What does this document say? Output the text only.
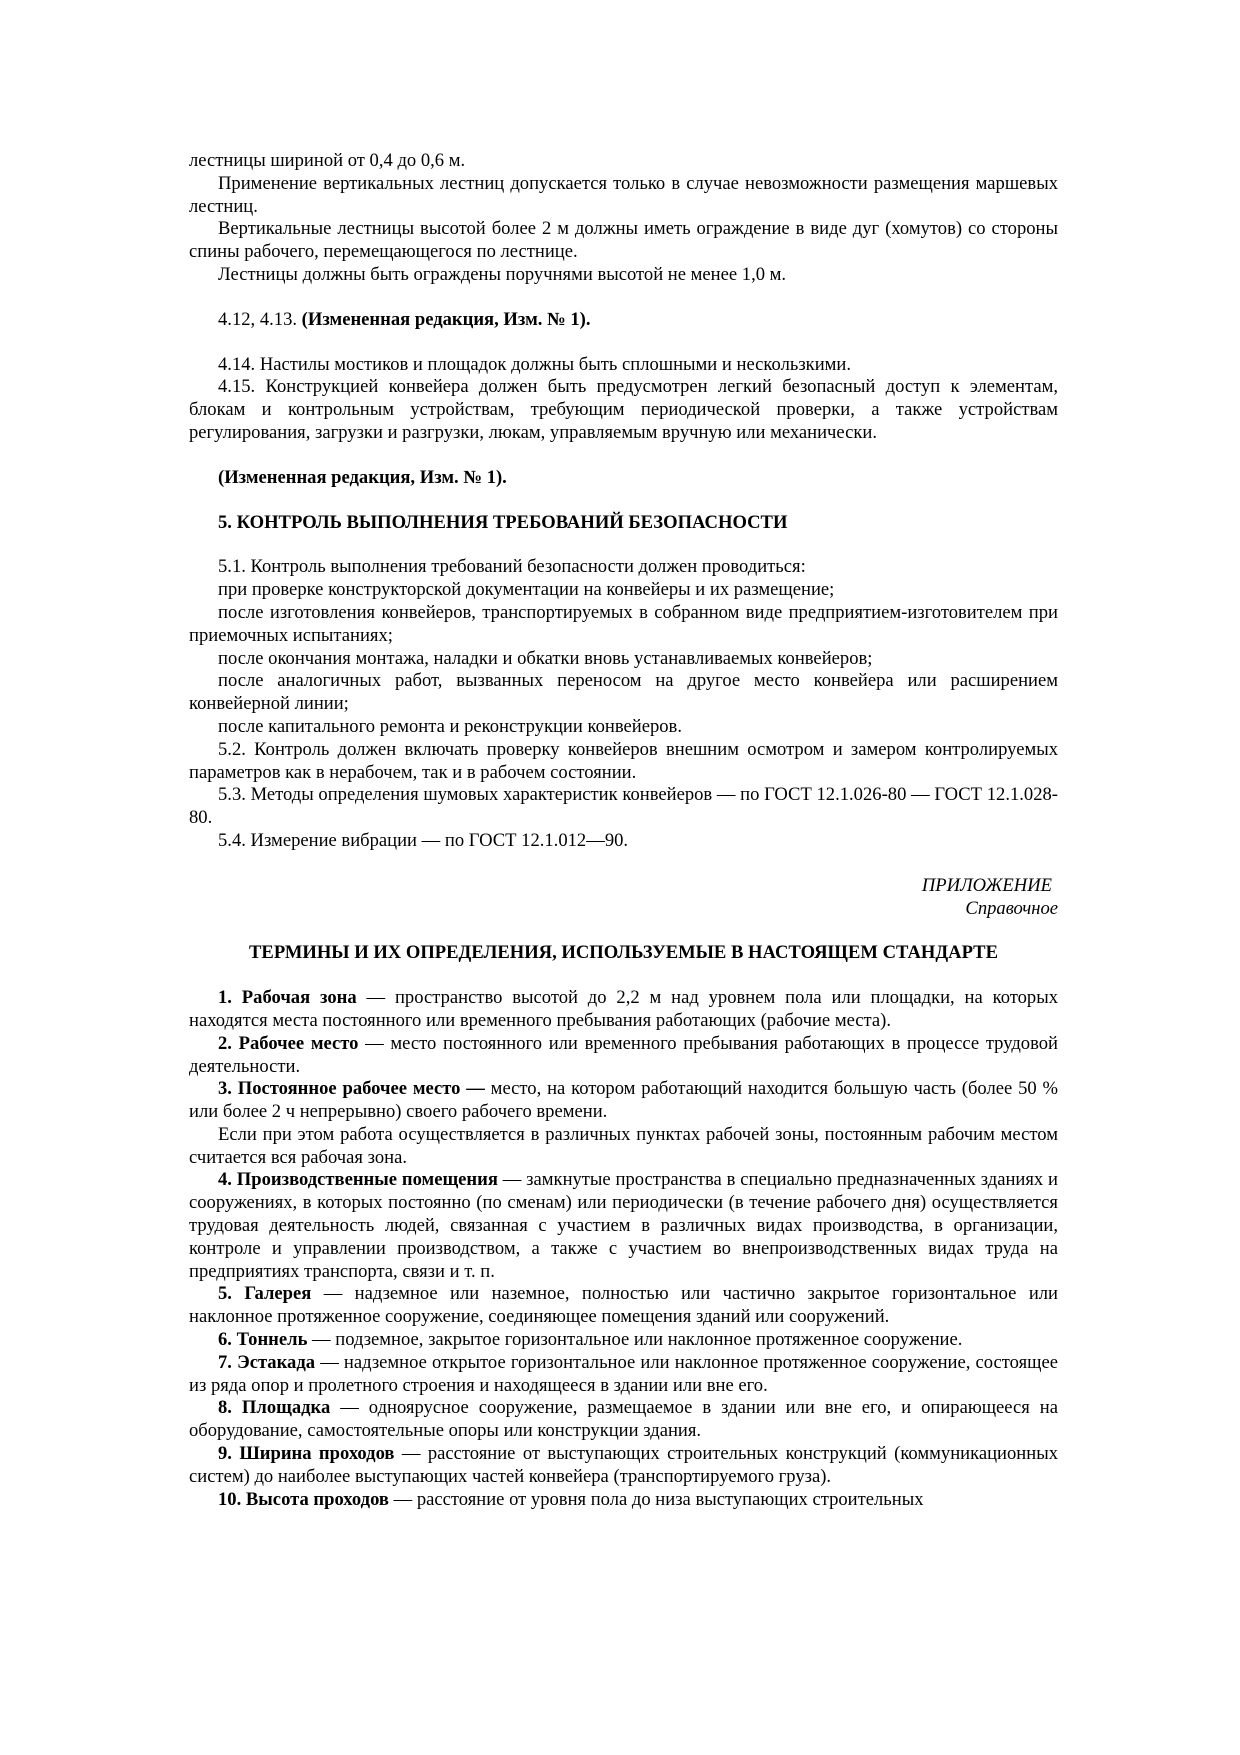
лестницы шириной от 0,4 до 0,6 м.

Применение вертикальных лестниц допускается только в случае невозможности размещения маршевых лестниц.

Вертикальные лестницы высотой более 2 м должны иметь ограждение в виде дуг (хомутов) со стороны спины рабочего, перемещающегося по лестнице.

Лестницы должны быть ограждены поручнями высотой не менее 1,0 м.

4.12, 4.13. (Измененная редакция, Изм. № 1).

4.14. Настилы мостиков и площадок должны быть сплошными и нескользкими.

4.15. Конструкцией конвейера должен быть предусмотрен легкий безопасный доступ к элементам, блокам и контрольным устройствам, требующим периодической проверки, а также устройствам регулирования, загрузки и разгрузки, люкам, управляемым вручную или механически.

(Измененная редакция, Изм. № 1).

5. КОНТРОЛЬ ВЫПОЛНЕНИЯ ТРЕБОВАНИЙ БЕЗОПАСНОСТИ

5.1. Контроль выполнения требований безопасности должен проводиться:

при проверке конструкторской документации на конвейеры и их размещение;

после изготовления конвейеров, транспортируемых в собранном виде предприятием-изготовителем при приемочных испытаниях;

после окончания монтажа, наладки и обкатки вновь устанавливаемых конвейеров;

после аналогичных работ, вызванных переносом на другое место конвейера или расширением конвейерной линии;

после капитального ремонта и реконструкции конвейеров.

5.2. Контроль должен включать проверку конвейеров внешним осмотром и замером контролируемых параметров как в нерабочем, так и в рабочем состоянии.

5.3. Методы определения шумовых характеристик конвейеров — по ГОСТ 12.1.026-80 — ГОСТ 12.1.028-80.

5.4. Измерение вибрации — по ГОСТ 12.1.012—90.

ПРИЛОЖЕНИЕ
Справочное

ТЕРМИНЫ И ИХ ОПРЕДЕЛЕНИЯ, ИСПОЛЬЗУЕМЫЕ В НАСТОЯЩЕМ СТАНДАРТЕ

1. Рабочая зона — пространство высотой до 2,2 м над уровнем пола или площадки, на которых находятся места постоянного или временного пребывания работающих (рабочие места).

2. Рабочее место — место постоянного или временного пребывания работающих в процессе трудовой деятельности.

3. Постоянное рабочее место — место, на котором работающий находится большую часть (более 50 % или более 2 ч непрерывно) своего рабочего времени.

Если при этом работа осуществляется в различных пунктах рабочей зоны, постоянным рабочим местом считается вся рабочая зона.

4. Производственные помещения — замкнутые пространства в специально предназначенных зданиях и сооружениях, в которых постоянно (по сменам) или периодически (в течение рабочего дня) осуществляется трудовая деятельность людей, связанная с участием в различных видах производства, в организации, контроле и управлении производством, а также с участием во внепроизводственных видах труда на предприятиях транспорта, связи и т. п.

5. Галерея — надземное или наземное, полностью или частично закрытое горизонтальное или наклонное протяженное сооружение, соединяющее помещения зданий или сооружений.

6. Тоннель — подземное, закрытое горизонтальное или наклонное протяженное сооружение.

7. Эстакада — надземное открытое горизонтальное или наклонное протяженное сооружение, состоящее из ряда опор и пролетного строения и находящееся в здании или вне его.

8. Площадка — одноярусное сооружение, размещаемое в здании или вне его, и опирающееся на оборудование, самостоятельные опоры или конструкции здания.

9. Ширина проходов — расстояние от выступающих строительных конструкций (коммуникационных систем) до наиболее выступающих частей конвейера (транспортируемого груза).

10. Высота проходов — расстояние от уровня пола до низа выступающих строительных
